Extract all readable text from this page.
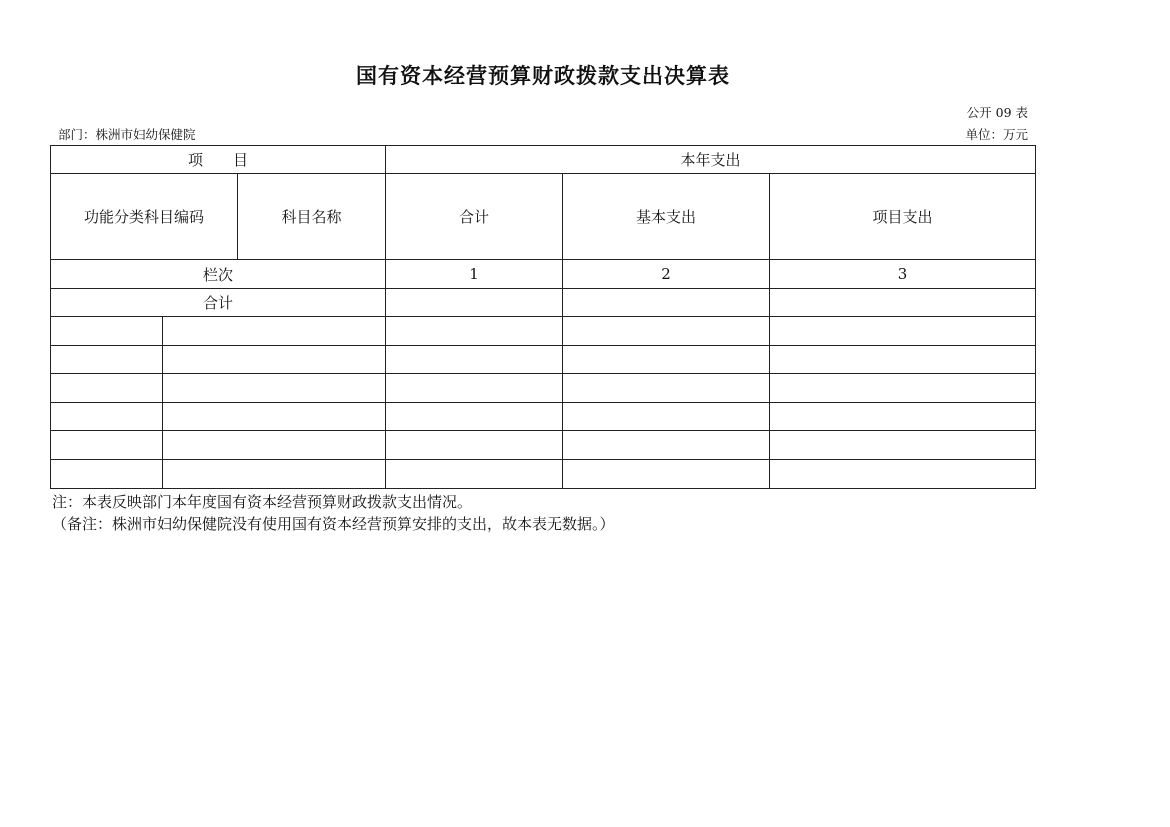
国有资本经营预算财政拨款支出决算表
公开 09 表
部门：株洲市妇幼保健院	单位：万元
项　　目	本年支出
功能分类科目编码	科目名称	合计	基本支出	项目支出
栏次	1	2	3
合计
注：本表反映部门本年度国有资本经营预算财政拨款支出情况。
（备注：株洲市妇幼保健院没有使用国有资本经营预算安排的支出，故本表无数据。）
